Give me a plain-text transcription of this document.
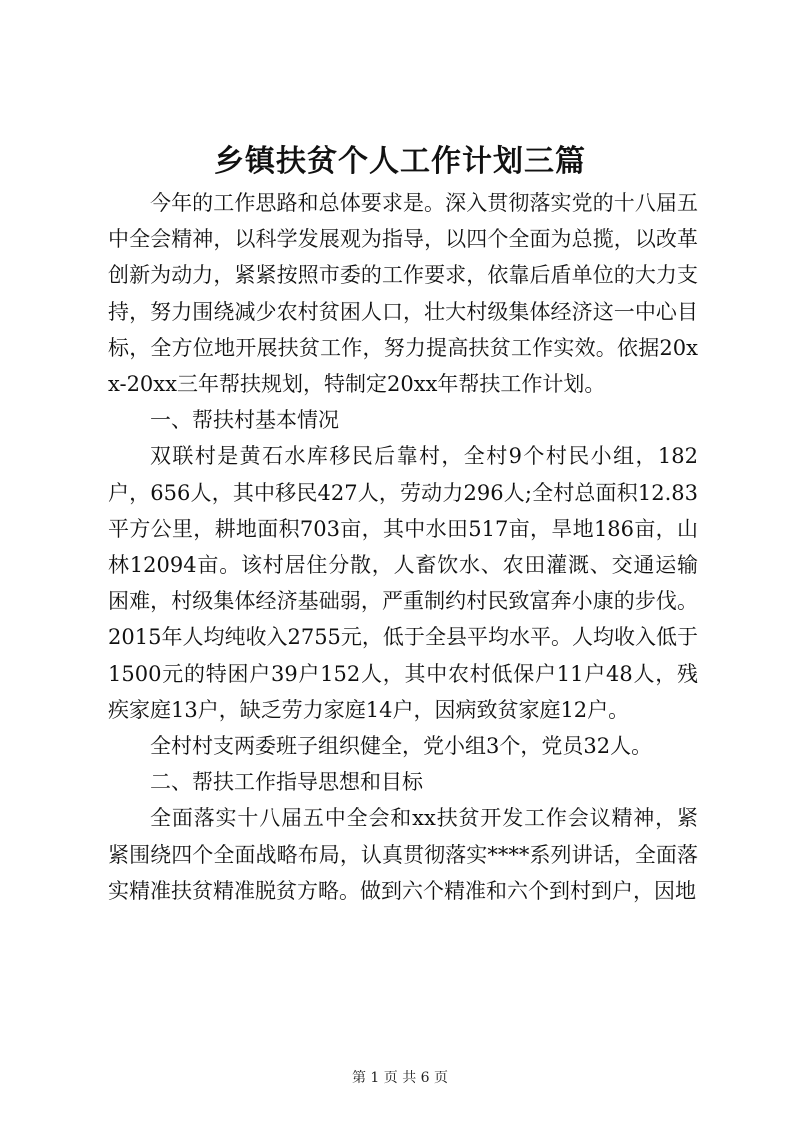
乡镇扶贫个人工作计划三篇

今年的工作思路和总体要求是。深入贯彻落实党的十八届五中全会精神，以科学发展观为指导，以四个全面为总揽，以改革创新为动力，紧紧按照市委的工作要求，依靠后盾单位的大力支持，努力围绕减少农村贫困人口，壮大村级集体经济这一中心目标，全方位地开展扶贫工作，努力提高扶贫工作实效。依据20xx-20xx三年帮扶规划，特制定20xx年帮扶工作计划。

一、帮扶村基本情况

双联村是黄石水库移民后靠村，全村9个村民小组，182户，656人，其中移民427人，劳动力296人;全村总面积12.83平方公里，耕地面积703亩，其中水田517亩，旱地186亩，山林12094亩。该村居住分散，人畜饮水、农田灌溉、交通运输困难，村级集体经济基础弱，严重制约村民致富奔小康的步伐。2015年人均纯收入2755元，低于全县平均水平。人均收入低于1500元的特困户39户152人，其中农村低保户11户48人，残疾家庭13户，缺乏劳力家庭14户，因病致贫家庭12户。

全村村支两委班子组织健全，党小组3个，党员32人。

二、帮扶工作指导思想和目标

全面落实十八届五中全会和xx扶贫开发工作会议精神，紧紧围绕四个全面战略布局，认真贯彻落实****系列讲话，全面落实精准扶贫精准脱贫方略。做到六个精准和六个到村到户，因地

第 1 页 共 6 页
